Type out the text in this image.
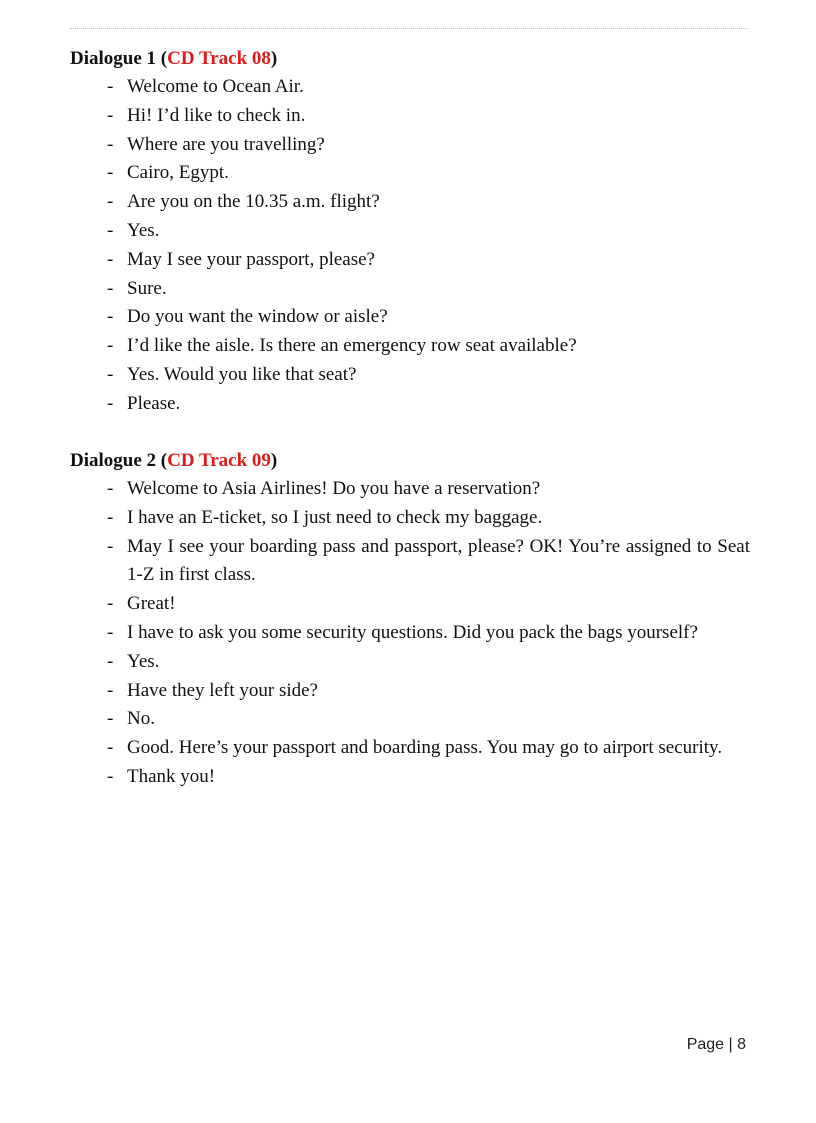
Dialogue 1 (CD Track 08)
- Welcome to Ocean Air.
- Hi! I’d like to check in.
- Where are you travelling?
- Cairo, Egypt.
- Are you on the 10.35 a.m. flight?
- Yes.
- May I see your passport, please?
- Sure.
- Do you want the window or aisle?
- I’d like the aisle. Is there an emergency row seat available?
- Yes. Would you like that seat?
- Please.
Dialogue 2 (CD Track 09)
- Welcome to Asia Airlines! Do you have a reservation?
- I have an E-ticket, so I just need to check my baggage.
- May I see your boarding pass and passport, please? OK! You’re assigned to Seat 1-Z in first class.
- Great!
- I have to ask you some security questions. Did you pack the bags yourself?
- Yes.
- Have they left your side?
- No.
- Good. Here’s your passport and boarding pass. You may go to airport security.
- Thank you!
Page | 8
